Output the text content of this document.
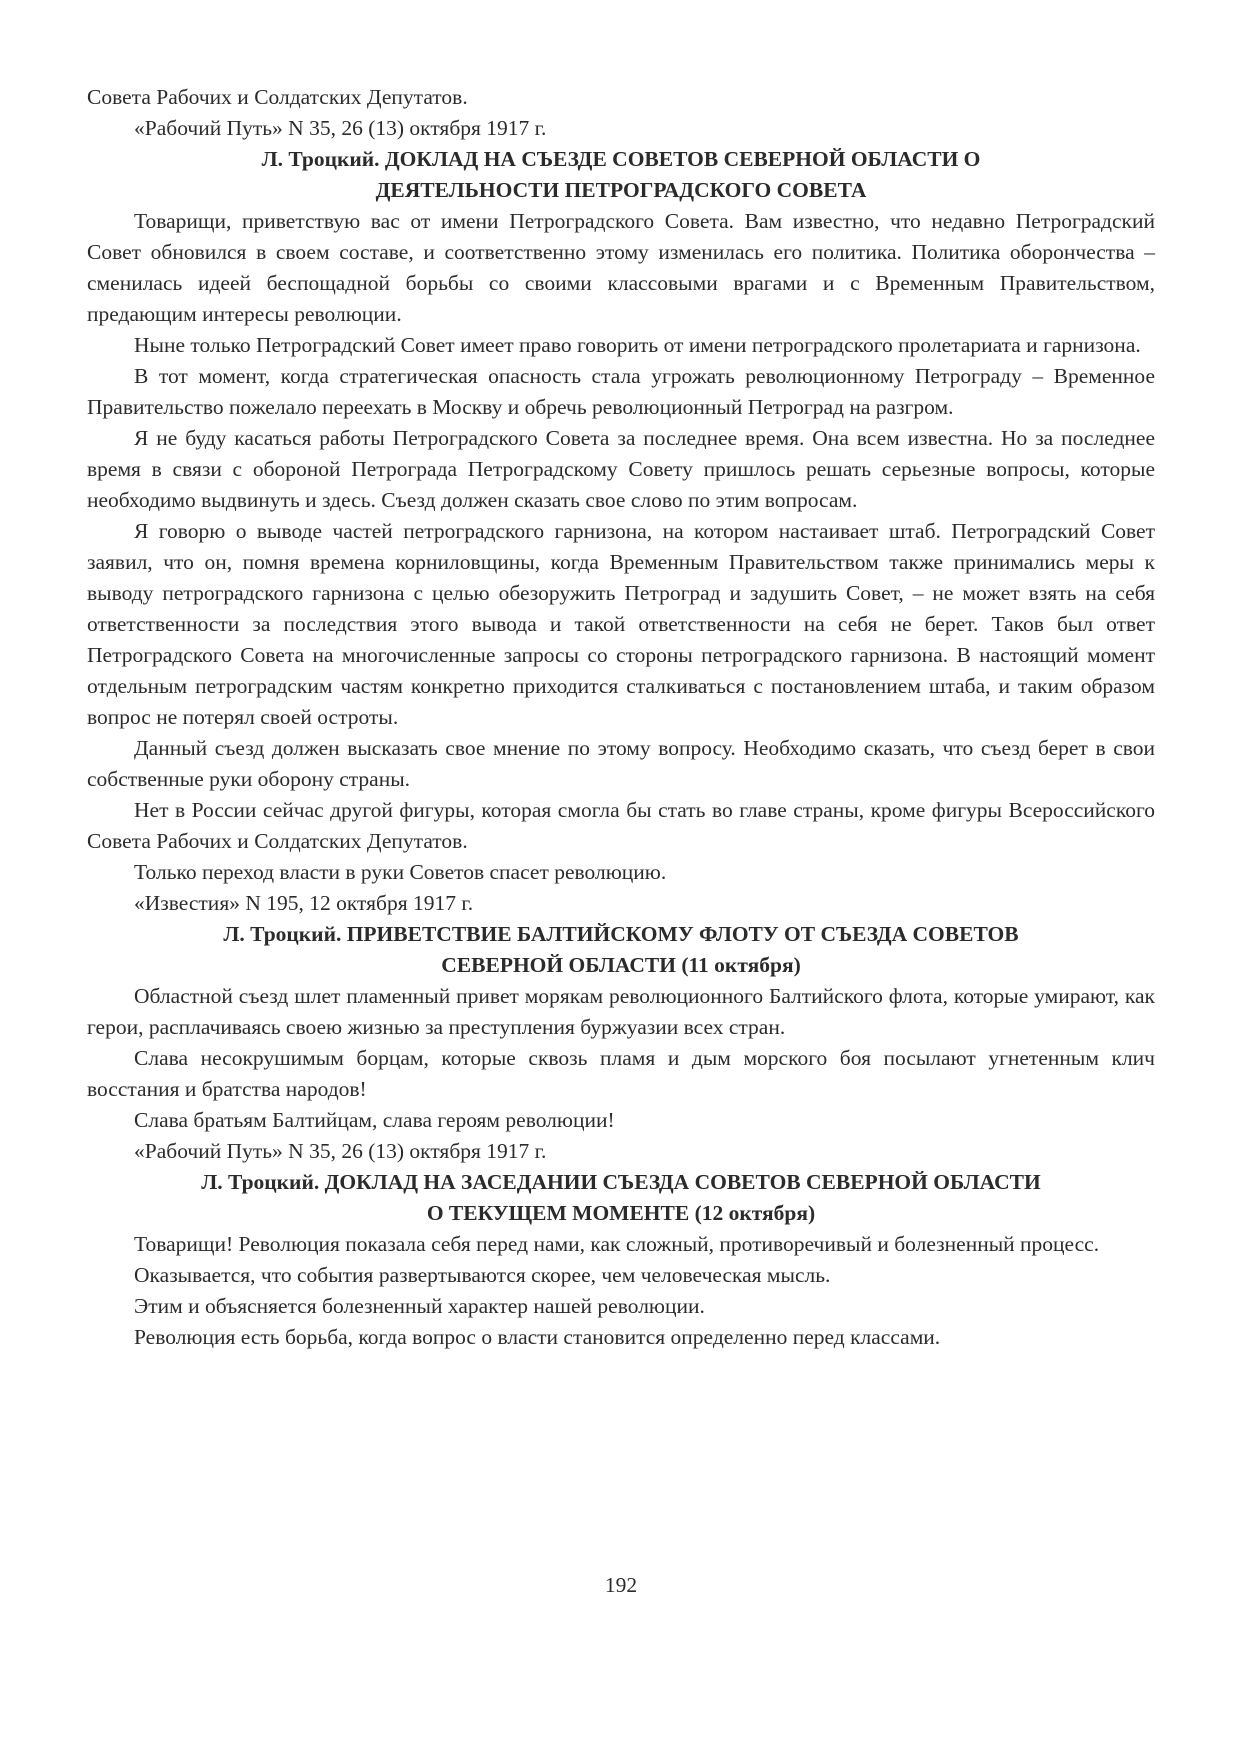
Совета Рабочих и Солдатских Депутатов.

«Рабочий Путь» N 35, 26 (13) октября 1917 г.

Л. Троцкий. ДОКЛАД НА СЪЕЗДЕ СОВЕТОВ СЕВЕРНОЙ ОБЛАСТИ О
ДЕЯТЕЛЬНОСТИ ПЕТРОГРАДСКОГО СОВЕТА

Товарищи, приветствую вас от имени Петроградского Совета. Вам известно, что недавно Петроградский Совет обновился в своем составе, и соответственно этому изменилась его политика. Политика оборончества – сменилась идеей беспощадной борьбы со своими классовыми врагами и с Временным Правительством, предающим интересы революции.

Ныне только Петроградский Совет имеет право говорить от имени петроградского пролетариата и гарнизона.

В тот момент, когда стратегическая опасность стала угрожать революционному Петрограду – Временное Правительство пожелало переехать в Москву и обречь революционный Петроград на разгром.

Я не буду касаться работы Петроградского Совета за последнее время. Она всем известна. Но за последнее время в связи с обороной Петрограда Петроградскому Совету пришлось решать серьезные вопросы, которые необходимо выдвинуть и здесь. Съезд должен сказать свое слово по этим вопросам.

Я говорю о выводе частей петроградского гарнизона, на котором настаивает штаб. Петроградский Совет заявил, что он, помня времена корниловщины, когда Временным Правительством также принимались меры к выводу петроградского гарнизона с целью обезоружить Петроград и задушить Совет, – не может взять на себя ответственности за последствия этого вывода и такой ответственности на себя не берет. Таков был ответ Петроградского Совета на многочисленные запросы со стороны петроградского гарнизона. В настоящий момент отдельным петроградским частям конкретно приходится сталкиваться с постановлением штаба, и таким образом вопрос не потерял своей остроты.

Данный съезд должен высказать свое мнение по этому вопросу. Необходимо сказать, что съезд берет в свои собственные руки оборону страны.

Нет в России сейчас другой фигуры, которая смогла бы стать во главе страны, кроме фигуры Всероссийского Совета Рабочих и Солдатских Депутатов.

Только переход власти в руки Советов спасет революцию.

«Известия» N 195, 12 октября 1917 г.

Л. Троцкий. ПРИВЕТСТВИЕ БАЛТИЙСКОМУ ФЛОТУ ОТ СЪЕЗДА СОВЕТОВ
СЕВЕРНОЙ ОБЛАСТИ (11 октября)

Областной съезд шлет пламенный привет морякам революционного Балтийского флота, которые умирают, как герои, расплачиваясь своею жизнью за преступления буржуазии всех стран.

Слава несокрушимым борцам, которые сквозь пламя и дым морского боя посылают угнетенным клич восстания и братства народов!

Слава братьям Балтийцам, слава героям революции!

«Рабочий Путь» N 35, 26 (13) октября 1917 г.

Л. Троцкий. ДОКЛАД НА ЗАСЕДАНИИ СЪЕЗДА СОВЕТОВ СЕВЕРНОЙ ОБЛАСТИ
О ТЕКУЩЕМ МОМЕНТЕ (12 октября)

Товарищи! Революция показала себя перед нами, как сложный, противоречивый и болезненный процесс.

Оказывается, что события развертываются скорее, чем человеческая мысль.

Этим и объясняется болезненный характер нашей революции.

Революция есть борьба, когда вопрос о власти становится определенно перед классами.

192
